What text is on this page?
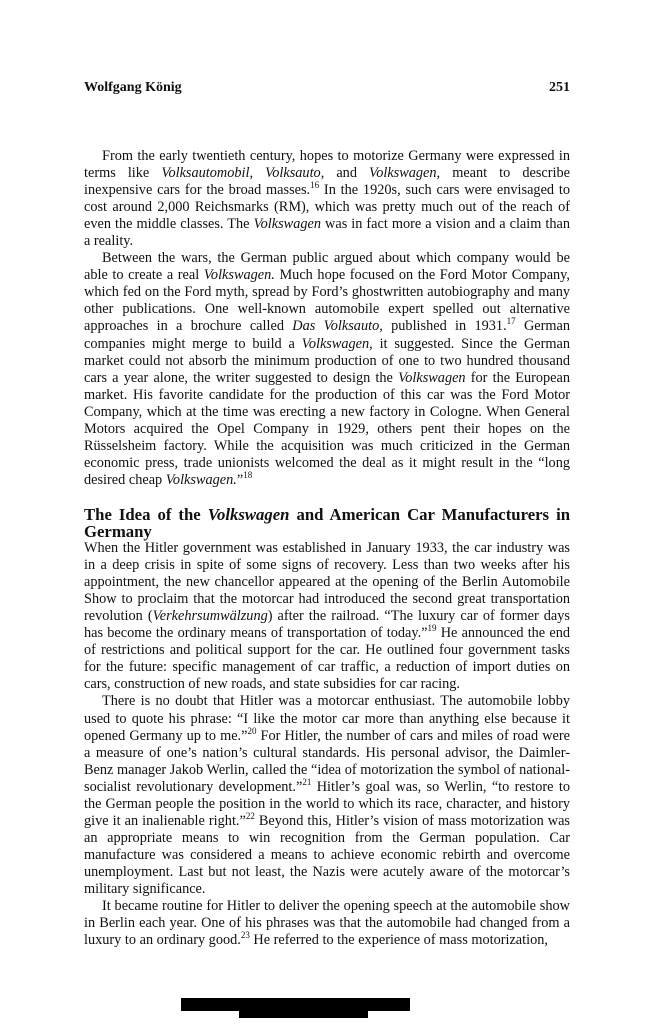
Wolfgang König	251

From the early twentieth century, hopes to motorize Germany were expressed in terms like Volksautomobil, Volksauto, and Volkswagen, meant to describe inexpensive cars for the broad masses.$^{16}$ In the 1920s, such cars were envisaged to cost around 2,000 Reichsmarks (RM), which was pretty much out of the reach of even the middle classes. The Volkswagen was in fact more a vision and a claim than a reality.

Between the wars, the German public argued about which company would be able to create a real Volkswagen. Much hope focused on the Ford Motor Company, which fed on the Ford myth, spread by Ford’s ghostwritten autobiography and many other publications. One well-known automobile expert spelled out alternative approaches in a brochure called Das Volksauto, published in 1931.17 German companies might merge to build a Volkswagen, it suggested. Since the German market could not absorb the minimum production of one to two hundred thousand cars a year alone, the writer suggested to design the Volkswagen for the European market. His favorite candidate for the production of this car was the Ford Motor Company, which at the time was erecting a new factory in Cologne. When General Motors acquired the Opel Company in 1929, others pent their hopes on the Rüsselsheim factory. While the acquisition was much criticized in the German economic press, trade unionists welcomed the deal as it might result in the “long desired cheap Volkswagen.”$^{18}$

The Idea of the Volkswagen and American Car Manufacturers in Germany

When the Hitler government was established in January 1933, the car industry was in a deep crisis in spite of some signs of recovery. Less than two weeks after his appointment, the new chancellor appeared at the opening of the Berlin Automobile Show to proclaim that the motorcar had introduced the second great transportation revolution (Verkehrsumwälzung) after the railroad. “The luxury car of former days has become the ordinary means of transportation of today.”$^{19}$ He announced the end of restrictions and political support for the car. He outlined four government tasks for the future: specific management of car traffic, a reduction of import duties on cars, construction of new roads, and state subsidies for car racing.

There is no doubt that Hitler was a motorcar enthusiast. The automobile lobby used to quote his phrase: “I like the motor car more than anything else because it opened Germany up to me.”$^{20}$ For Hitler, the number of cars and miles of road were a measure of one’s nation’s cultural standards. His personal advisor, the Daimler-Benz manager Jakob Werlin, called the “idea of motorization the symbol of national-socialist revolutionary development.”$^{21}$ Hitler’s goal was, so Werlin, “to restore to the German people the position in the world to which its race, character, and history give it an inalienable right.”$^{22}$ Beyond this, Hitler’s vision of mass motorization was an appropriate means to win recognition from the German population. Car manufacture was considered a means to achieve economic rebirth and overcome unemployment. Last but not least, the Nazis were acutely aware of the motorcar’s military significance.

It became routine for Hitler to deliver the opening speech at the automobile show in Berlin each year. One of his phrases was that the automobile had changed from a luxury to an ordinary good.$^{23}$ He referred to the experience of mass motorization,
